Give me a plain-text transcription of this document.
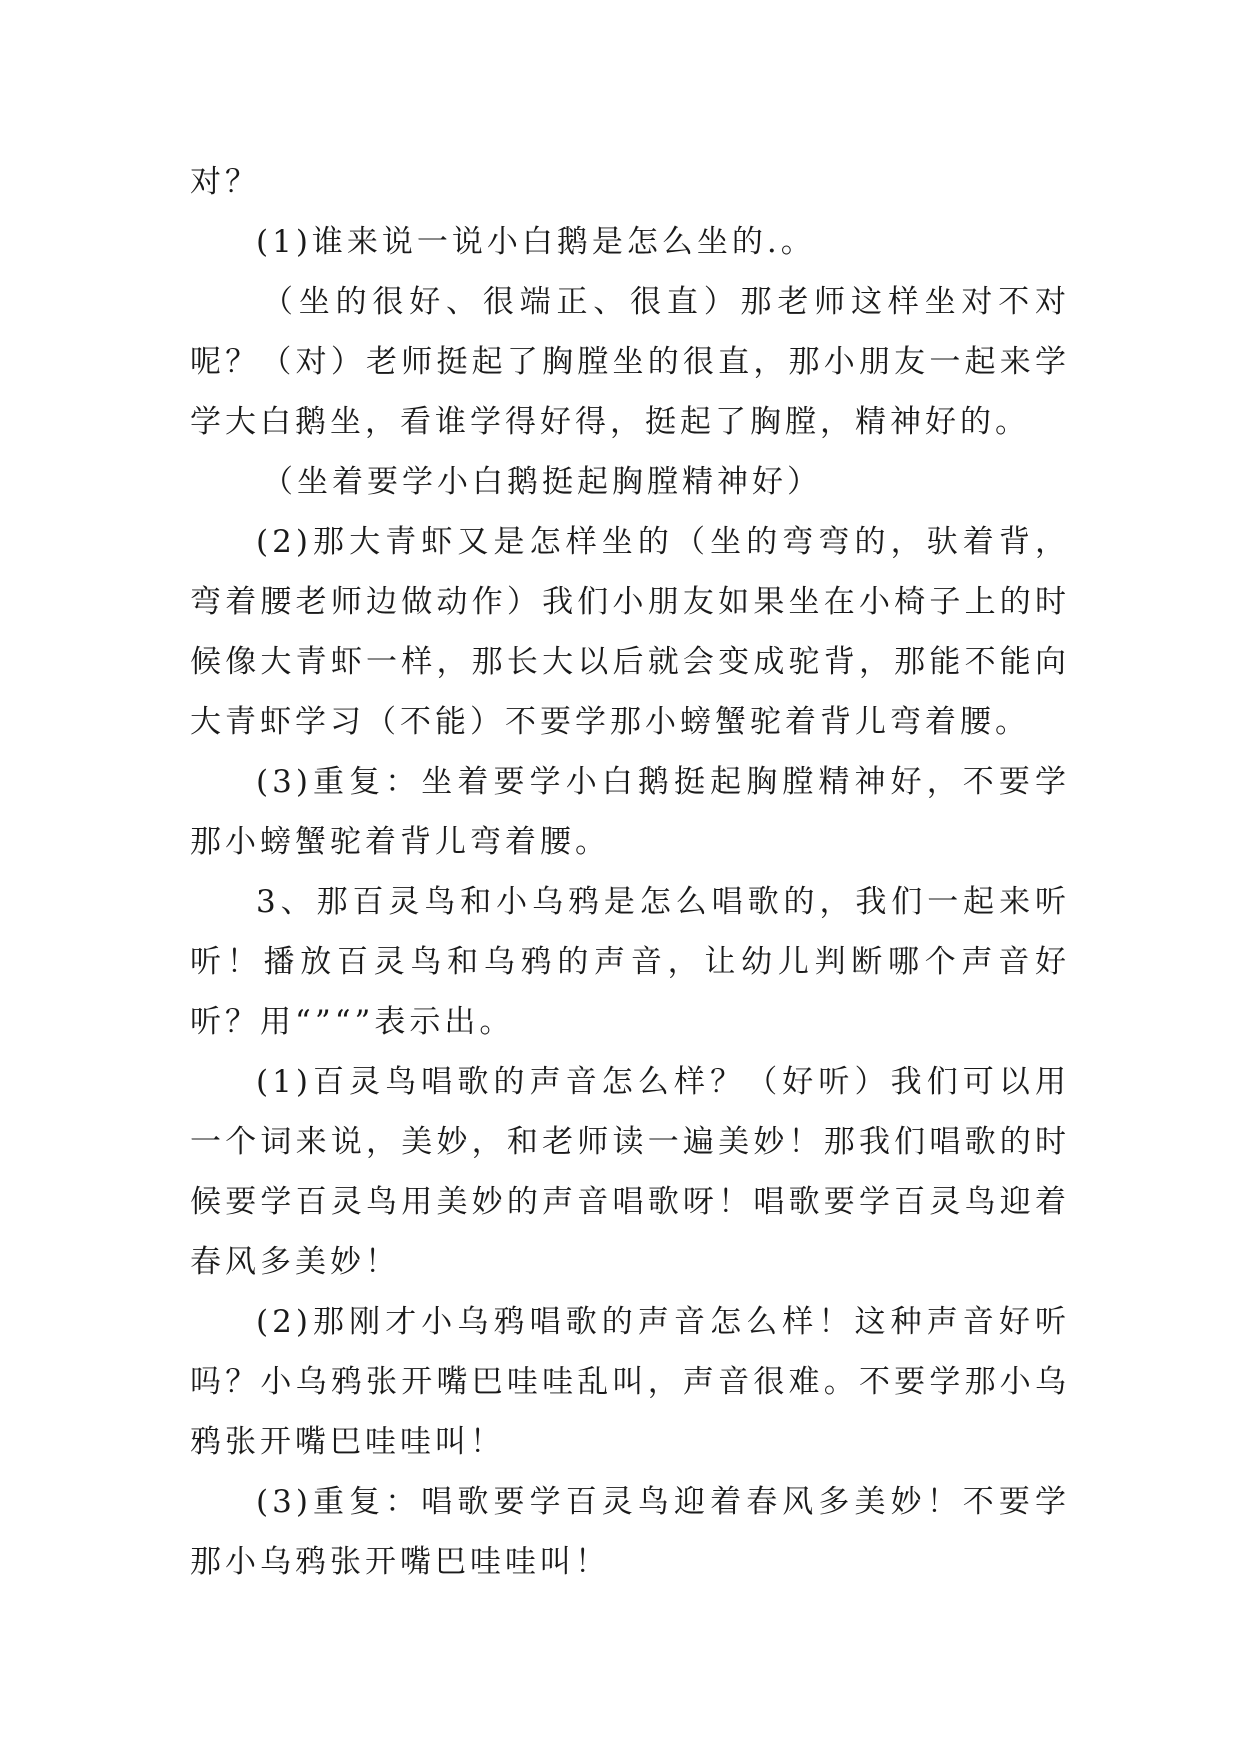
对？

(1)谁来说一说小白鹅是怎么坐的.。

（坐的很好、很端正、很直）那老师这样坐对不对呢？（对）老师挺起了胸膛坐的很直，那小朋友一起来学学大白鹅坐，看谁学得好得，挺起了胸膛，精神好的。

（坐着要学小白鹅挺起胸膛精神好）

(2)那大青虾又是怎样坐的（坐的弯弯的，驮着背，弯着腰老师边做动作）我们小朋友如果坐在小椅子上的时候像大青虾一样，那长大以后就会变成驼背，那能不能向大青虾学习（不能）不要学那小螃蟹驼着背儿弯着腰。

(3)重复：坐着要学小白鹅挺起胸膛精神好，不要学那小螃蟹驼着背儿弯着腰。

3、那百灵鸟和小乌鸦是怎么唱歌的，我们一起来听听！播放百灵鸟和乌鸦的声音，让幼儿判断哪个声音好听？用“”“”表示出。

(1)百灵鸟唱歌的声音怎么样？（好听）我们可以用一个词来说，美妙，和老师读一遍美妙！那我们唱歌的时候要学百灵鸟用美妙的声音唱歌呀！唱歌要学百灵鸟迎着春风多美妙！

(2)那刚才小乌鸦唱歌的声音怎么样！这种声音好听吗？小乌鸦张开嘴巴哇哇乱叫，声音很难。不要学那小乌鸦张开嘴巴哇哇叫！

(3)重复：唱歌要学百灵鸟迎着春风多美妙！不要学那小乌鸦张开嘴巴哇哇叫！
